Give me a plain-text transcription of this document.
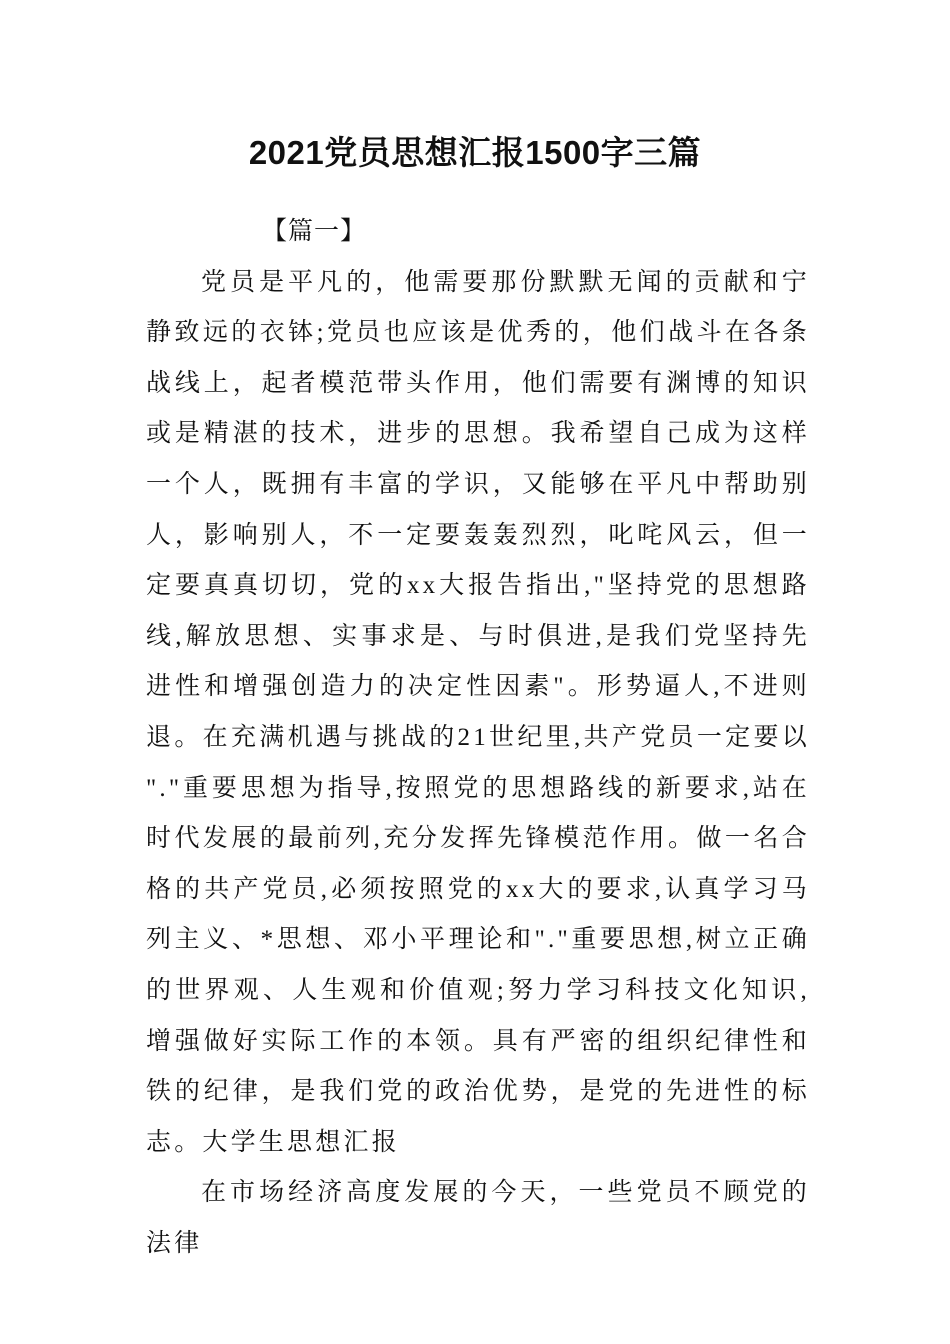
2021党员思想汇报1500字三篇

【篇一】

党员是平凡的，他需要那份默默无闻的贡献和宁静致远的衣钵;党员也应该是优秀的，他们战斗在各条战线上，起者模范带头作用，他们需要有渊博的知识或是精湛的技术，进步的思想。我希望自己成为这样一个人，既拥有丰富的学识，又能够在平凡中帮助别人，影响别人，不一定要轰轰烈烈，叱咤风云，但一定要真真切切，党的xx大报告指出,"坚持党的思想路线,解放思想、实事求是、与时俱进,是我们党坚持先进性和增强创造力的决定性因素"。形势逼人,不进则退。在充满机遇与挑战的21世纪里,共产党员一定要以"."重要思想为指导,按照党的思想路线的新要求,站在时代发展的最前列,充分发挥先锋模范作用。做一名合格的共产党员,必须按照党的xx大的要求,认真学习马列主义、*思想、邓小平理论和"."重要思想,树立正确的世界观、人生观和价值观;努力学习科技文化知识,增强做好实际工作的本领。具有严密的组织纪律性和铁的纪律，是我们党的政治优势，是党的先进性的标志。大学生思想汇报

在市场经济高度发展的今天，一些党员不顾党的法律
